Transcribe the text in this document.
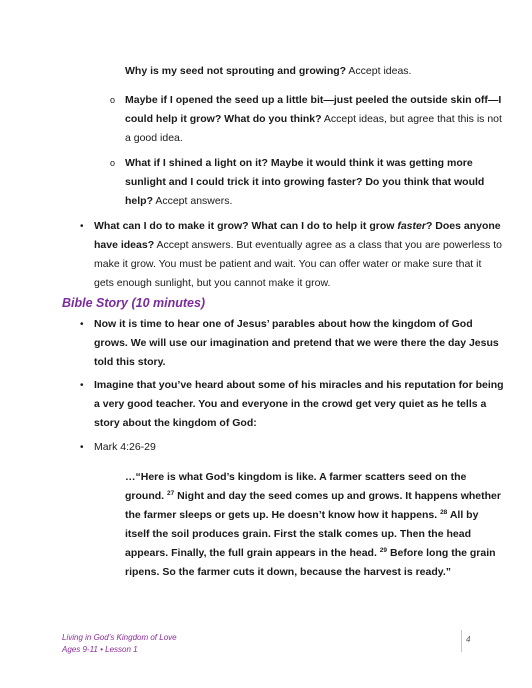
Why is my seed not sprouting and growing? Accept ideas.

o Maybe if I opened the seed up a little bit—just peeled the outside skin off—I

could help it grow? What do you think? Accept ideas, but agree that this is not

a good idea.

o What if I shined a light on it? Maybe it would think it was getting more

sunlight and I could trick it into growing faster? Do you think that would

help? Accept answers.

• What can I do to make it grow? What can I do to help it grow faster? Does anyone

have ideas? Accept answers. But eventually agree as a class that you are powerless to

make it grow. You must be patient and wait. You can offer water or make sure that it

gets enough sunlight, but you cannot make it grow.

Bible Story (10 minutes)
• Now it is time to hear one of Jesus’ parables about how the kingdom of God

grows. We will use our imagination and pretend that we were there the day Jesus

told this story.

• Imagine that you’ve heard about some of his miracles and his reputation for being

a very good teacher. You and everyone in the crowd get very quiet as he tells a

story about the kingdom of God:

• Mark 4:26-29

…“Here is what God’s kingdom is like. A farmer scatters seed on the

ground. $^{27}$ Night and day the seed comes up and grows. It happens whether

the farmer sleeps or gets up. He doesn’t know how it happens. $^{28}$ All by

itself the soil produces grain. First the stalk comes up. Then the head

appears. Finally, the full grain appears in the head. $^{29}$ Before long the grain

ripens. So the farmer cuts it down, because the harvest is ready.”

Living in God’s Kingdom of Love
Ages 9-11 • Lesson 1
4
